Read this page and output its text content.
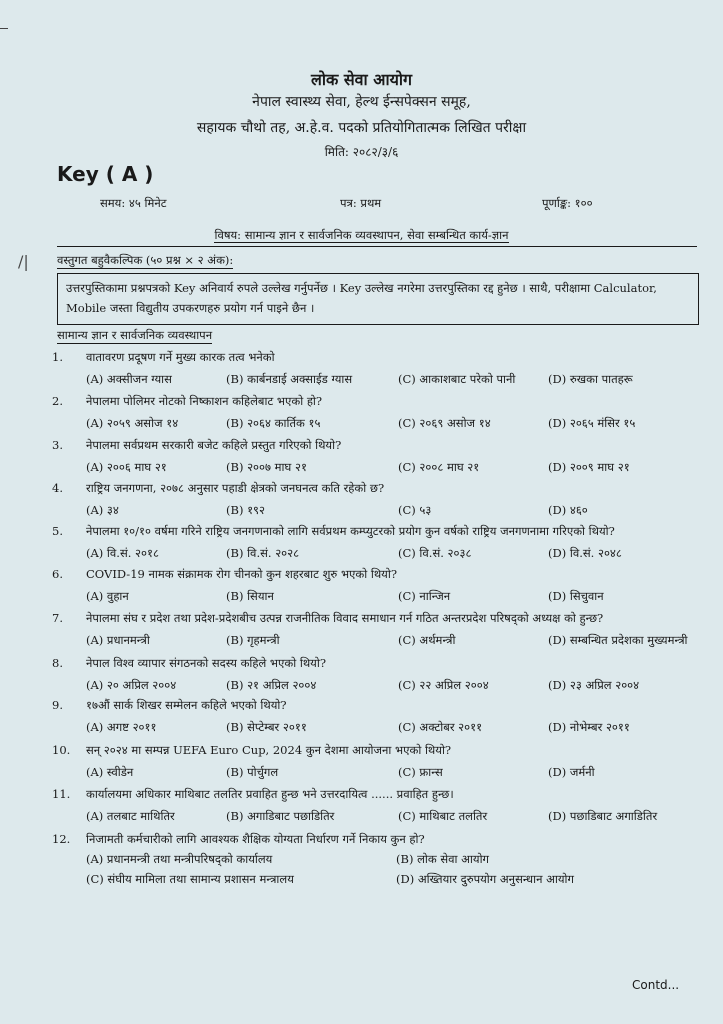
/|
लोक सेवा आयोग
नेपाल स्वास्थ्य सेवा, हेल्थ ईन्सपेक्सन समूह,
सहायक चौथो तह, अ.हे.व. पदको प्रतियोगितात्मक लिखित परीक्षा
मिति: २०८२/३/६
Key ( A )
समय: ४५ मिनेट	पत्र: प्रथम	पूर्णाङ्क: १००
विषय: सामान्य ज्ञान र सार्वजनिक व्यवस्थापन, सेवा सम्बन्धित कार्य-ज्ञान
वस्तुगत बहुवैकल्पिक (५० प्रश्न × २ अंक):
उत्तरपुस्तिकामा प्रश्नपत्रको Key अनिवार्य रुपले उल्लेख गर्नुपर्नेछ । Key उल्लेख नगरेमा उत्तरपुस्तिका रद्द हुनेछ । साथै, परीक्षामा Calculator, Mobile जस्ता विद्युतीय उपकरणहरु प्रयोग गर्न पाइने छैन ।
सामान्य ज्ञान र सार्वजनिक व्यवस्थापन
1.	वातावरण प्रदूषण गर्ने मुख्य कारक तत्व भनेको
(A) अक्सीजन ग्यास	(B) कार्बनडाई अक्साईड ग्यास	(C) आकाशबाट परेको पानी	(D) रुखका पातहरू
2.	नेपालमा पोलिमर नोटको निष्काशन कहिलेबाट भएको हो?
(A) २०५९ असोज १४	(B) २०६४ कार्तिक १५	(C) २०६९ असोज १४	(D) २०६५ मंसिर १५
3.	नेपालमा सर्वप्रथम सरकारी बजेट कहिले प्रस्तुत गरिएको थियो?
(A) २००६ माघ २१	(B) २००७ माघ २१	(C) २००८ माघ २१	(D) २००९ माघ २१
4.	राष्ट्रिय जनगणना, २०७८ अनुसार पहाडी क्षेत्रको जनघनत्व कति रहेको छ?
(A) ३४	(B) १९२	(C) ५३	(D) ४६०
5.	नेपालमा १०/१० वर्षमा गरिने राष्ट्रिय जनगणनाको लागि सर्वप्रथम कम्प्युटरको प्रयोग कुन वर्षको राष्ट्रिय जनगणनामा गरिएको थियो?
(A) वि.सं. २०१८	(B) वि.सं. २०२८	(C) वि.सं. २०३८	(D) वि.सं. २०४८
6.	COVID-19 नामक संक्रामक रोग चीनको कुन शहरबाट शुरु भएको थियो?
(A) वुहान	(B) सियान	(C) नान्जिन	(D) सिचुवान
7.	नेपालमा संघ र प्रदेश तथा प्रदेश-प्रदेशबीच उत्पन्न राजनीतिक विवाद समाधान गर्न गठित अन्तरप्रदेश परिषद्को अध्यक्ष को हुन्छ?
(A) प्रधानमन्त्री	(B) गृहमन्त्री	(C) अर्थमन्त्री	(D) सम्बन्धित प्रदेशका मुख्यमन्त्री
8.	नेपाल विश्व व्यापार संगठनको सदस्य कहिले भएको थियो?
(A) २० अप्रिल २००४	(B) २१ अप्रिल २००४	(C) २२ अप्रिल २००४	(D) २३ अप्रिल २००४
9.	१७औं सार्क शिखर सम्मेलन कहिले भएको थियो?
(A) अगष्ट २०११	(B) सेप्टेम्बर २०११	(C) अक्टोबर २०११	(D) नोभेम्बर २०११
10.	सन् २०२४ मा सम्पन्न UEFA Euro Cup, 2024 कुन देशमा आयोजना भएको थियो?
(A) स्वीडेन	(B) पोर्चुगल	(C) फ्रान्स	(D) जर्मनी
11.	कार्यालयमा अधिकार माथिबाट तलतिर प्रवाहित हुन्छ भने उत्तरदायित्व ...... प्रवाहित हुन्छ।
(A) तलबाट माथितिर	(B) अगाडिबाट पछाडितिर	(C) माथिबाट तलतिर	(D) पछाडिबाट अगाडितिर
12.	निजामती कर्मचारीको लागि आवश्यक शैक्षिक योग्यता निर्धारण गर्ने निकाय कुन हो?
(A) प्रधानमन्त्री तथा मन्त्रीपरिषद्को कार्यालय	(B) लोक सेवा आयोग
(C) संघीय मामिला तथा सामान्य प्रशासन मन्त्रालय	(D) अख्तियार दुरुपयोग अनुसन्धान आयोग
Contd...
